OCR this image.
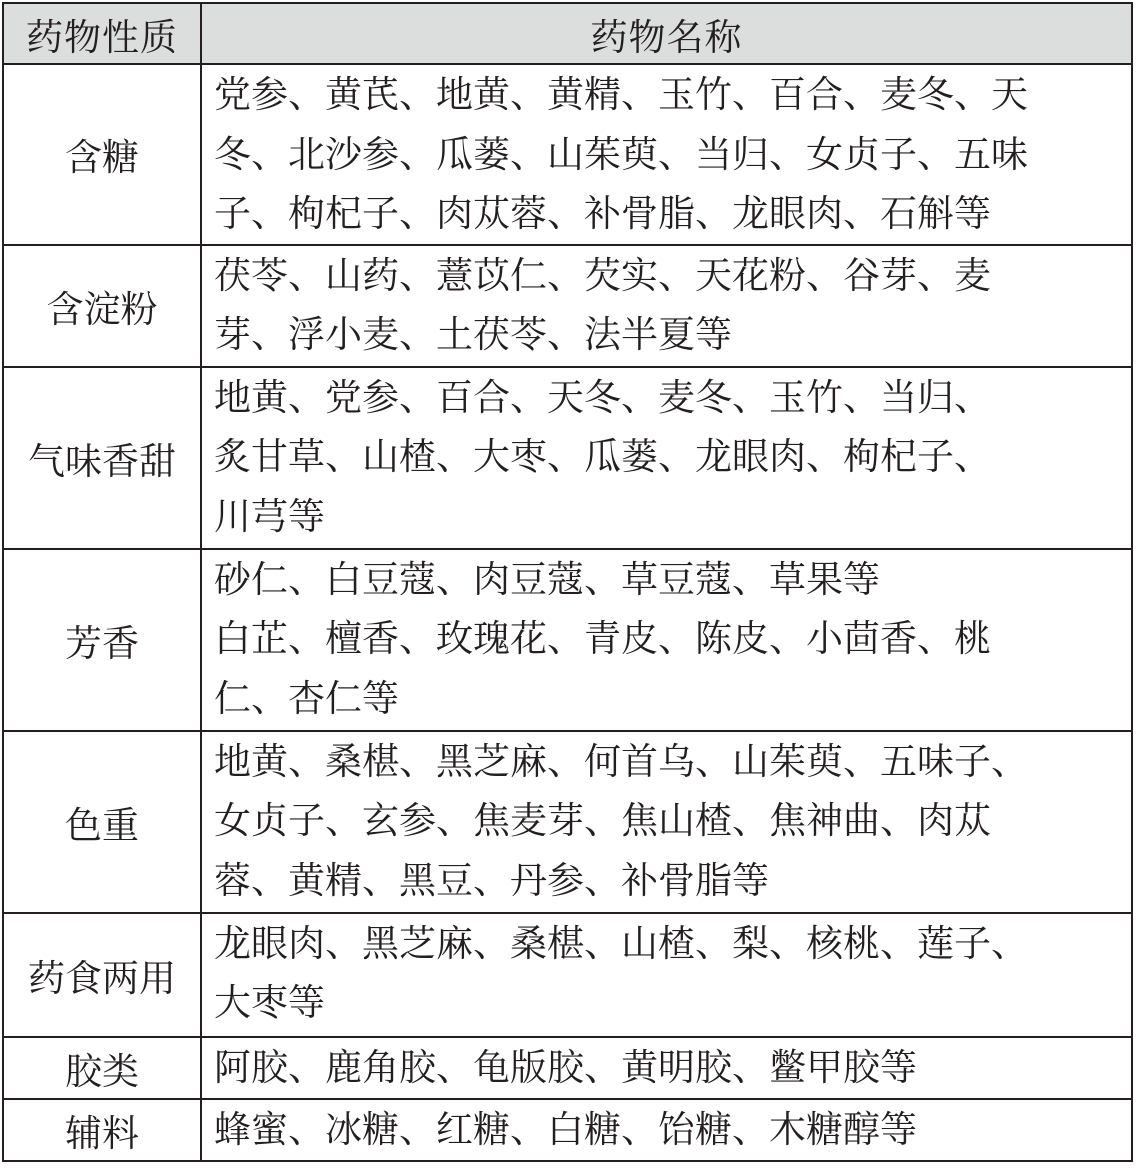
药物性质	药物名称
含糖	党参、黄芪、地黄、黄精、玉竹、百合、麦冬、天
冬、北沙参、瓜蒌、山茱萸、当归、女贞子、五味
子、枸杞子、肉苁蓉、补骨脂、龙眼肉、石斛等

含淀粉	茯苓、山药、薏苡仁、芡实、天花粉、谷芽、麦
芽、浮小麦、土茯苓、法半夏等

气味香甜	地黄、党参、百合、天冬、麦冬、玉竹、当归、
炙甘草、山楂、大枣、瓜蒌、龙眼肉、枸杞子、
川芎等

芳香	砂仁、白豆蔻、肉豆蔻、草豆蔻、草果等
白芷、檀香、玫瑰花、青皮、陈皮、小茴香、桃
仁、杏仁等

色重	地黄、桑椹、黑芝麻、何首乌、山茱萸、五味子、
女贞子、玄参、焦麦芽、焦山楂、焦神曲、肉苁
蓉、黄精、黑豆、丹参、补骨脂等

药食两用	龙眼肉、黑芝麻、桑椹、山楂、梨、核桃、莲子、
大枣等

胶类	阿胶、鹿角胶、龟版胶、黄明胶、鳖甲胶等

辅料	蜂蜜、冰糖、红糖、白糖、饴糖、木糖醇等
